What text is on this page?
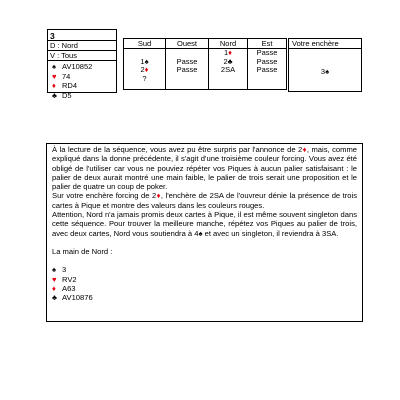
3
D : Nord
V : Tous
♠ AV10852
♥ 74
♦ RD4
♣ D5
Sud	Ouest	Nord	Est
		1♦	Passe
1♠	Passe	2♣	Passe
2♦	Passe	2SA	Passe
?			

Votre enchère
3♠

À la lecture de la séquence, vous avez pu être surpris par l'annonce de 2♦, mais, comme expliqué dans la donne précédente, il s'agit d'une troisième couleur forcing. Vous avez été obligé de l'utiliser car vous ne pouviez répéter vos Piques à aucun palier satisfaisant : le palier de deux aurait montré une main faible, le palier de trois serait une proposition et le palier de quatre un coup de poker.

Sur votre enchère forcing de 2♦, l'enchère de 2SA de l'ouvreur dénie la présence de trois cartes à Pique et montre des valeurs dans les couleurs rouges.

Attention, Nord n'a jamais promis deux cartes à Pique, il est même souvent singleton dans cette séquence. Pour trouver la meilleure manche, répétez vos Piques au palier de trois, avec deux cartes, Nord vous soutiendra à 4♠ et avec un singleton, il reviendra à 3SA.

La main de Nord :

♠ 3
♥ RV2
♦ A63
♣ AV10876
